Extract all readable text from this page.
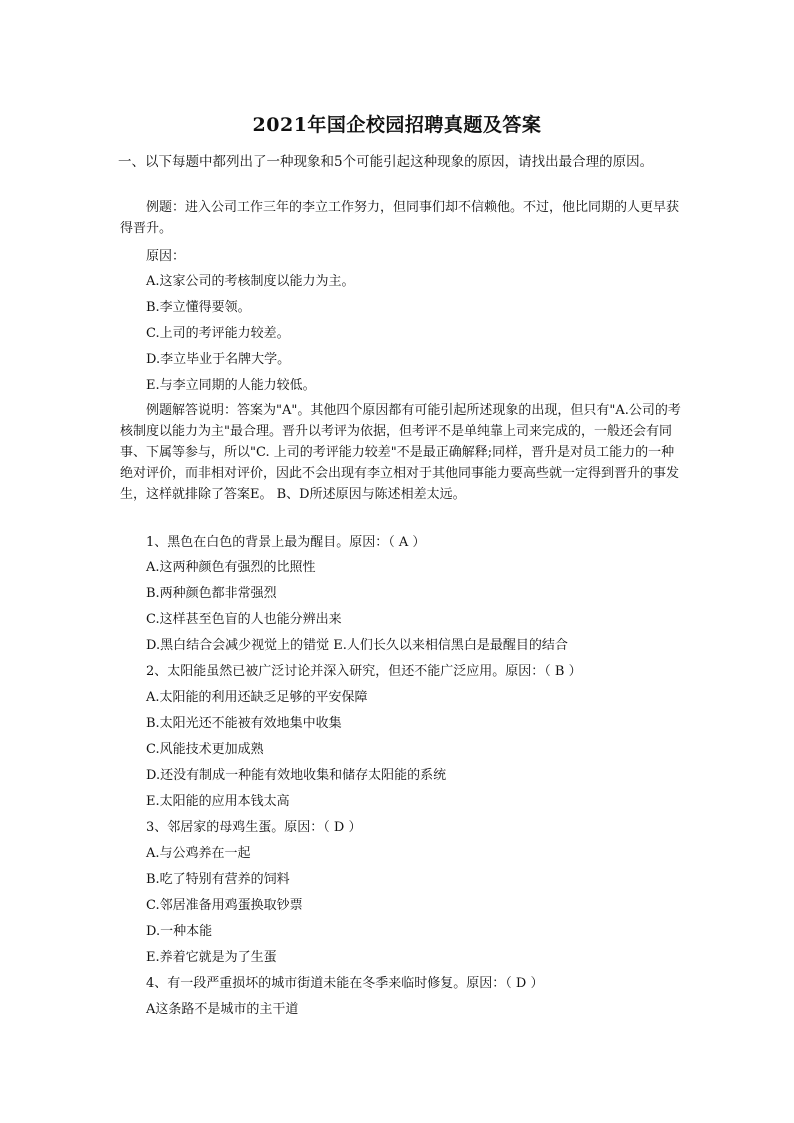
2021年国企校园招聘真题及答案
一、以下每题中都列出了一种现象和5个可能引起这种现象的原因，请找出最合理的原因。
例题：进入公司工作三年的李立工作努力，但同事们却不信赖他。不过，他比同期的人更早获得晋升。
原因：
A.这家公司的考核制度以能力为主。
B.李立懂得要领。
C.上司的考评能力较差。
D.李立毕业于名牌大学。
E.与李立同期的人能力较低。
例题解答说明：答案为"A"。其他四个原因都有可能引起所述现象的出现，但只有"A.公司的考核制度以能力为主"最合理。晋升以考评为依据，但考评不是单纯靠上司来完成的，一般还会有同事、下属等参与，所以"C. 上司的考评能力较差"不是最正确解释;同样，晋升是对员工能力的一种绝对评价，而非相对评价，因此不会出现有李立相对于其他同事能力要高些就一定得到晋升的事发生，这样就排除了答案E。 B、D所述原因与陈述相差太远。
1、黑色在白色的背景上最为醒目。原因：（ A ）
A.这两种颜色有强烈的比照性
B.两种颜色都非常强烈
C.这样甚至色盲的人也能分辨出来
D.黑白结合会减少视觉上的错觉 E.人们长久以来相信黑白是最醒目的结合
2、太阳能虽然已被广泛讨论并深入研究，但还不能广泛应用。原因：（ B ）
A.太阳能的利用还缺乏足够的平安保障
B.太阳光还不能被有效地集中收集
C.风能技术更加成熟
D.还没有制成一种能有效地收集和储存太阳能的系统
E.太阳能的应用本钱太高
3、邻居家的母鸡生蛋。原因：（ D ）
A.与公鸡养在一起
B.吃了特别有营养的饲料
C.邻居准备用鸡蛋换取钞票
D.一种本能
E.养着它就是为了生蛋
4、有一段严重损坏的城市街道未能在冬季来临时修复。原因：（ D ）
A这条路不是城市的主干道
